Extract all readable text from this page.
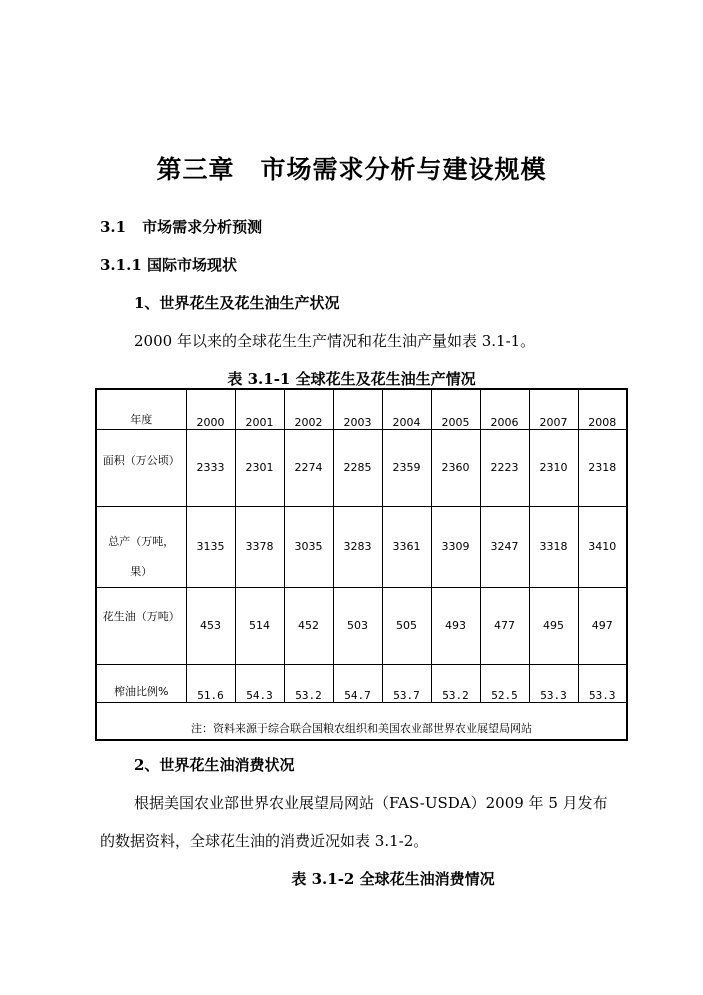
第三章 市场需求分析与建设规模
3.1 市场需求分析预测
3.1.1 国际市场现状
1、世界花生及花生油生产状况
2000 年以来的全球花生生产情况和花生油产量如表 3.1-1。
表 3.1-1 全球花生及花生油生产情况
年度	2000	2001	2002	2003	2004	2005	2006	2007	2008

面积（万公顷）	2333	2301	2274	2285	2359	2360	2223	2310	2318

总产（万吨，
果）	3135	3378	3035	3283	3361	3309	3247	3318	3410

花生油（万吨）	453	514	452	503	505	493	477	495	497

榨油比例%	51.6	54.3	53.2	54.7	53.7	53.2	52.5	53.3	53.3
注：资料来源于综合联合国粮农组织和美国农业部世界农业展望局网站									
2、世界花生油消费状况
根据美国农业部世界农业展望局网站（FAS-USDA）2009 年 5 月发布
的数据资料，全球花生油的消费近况如表 3.1-2。
表 3.1-2 全球花生油消费情况
